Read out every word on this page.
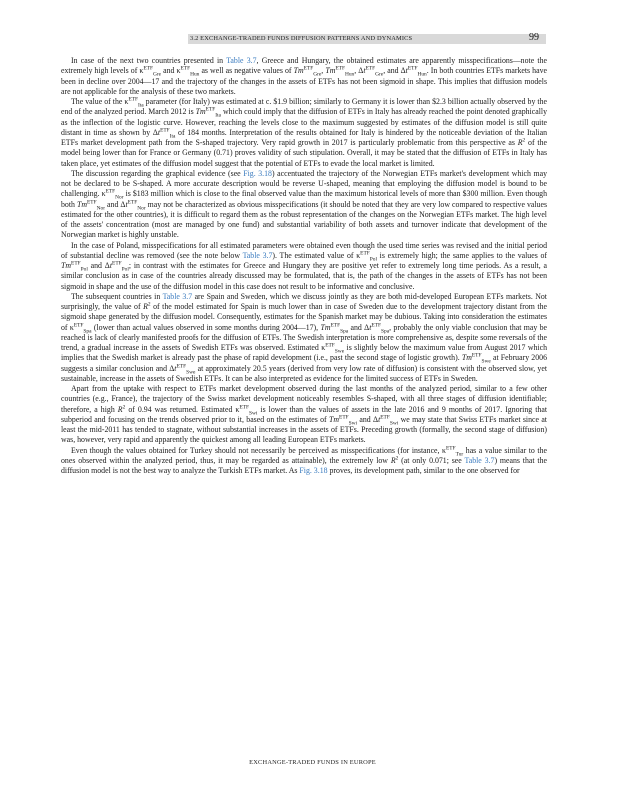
3.2 EXCHANGE-TRADED FUNDS DIFFUSION PATTERNS AND DYNAMICS	99

In case of the next two countries presented in Table 3.7, Greece and Hungary, the obtained estimates are apparently misspecifications—note the extremely high levels of $\kappa^{ETF}_{Gre}$ and $\kappa^{ETF}_{Hun}$ as well as negative values of $Tm^{ETF}_{Gre}$, $Tm^{ETF}_{Hun}$, $\Delta t^{ETF}_{Gre}$, and $\Delta t^{ETF}_{Hun}$. In both countries ETFs markets have been in decline over 2004—17 and the trajectory of the changes in the assets of ETFs has not been sigmoid in shape. This implies that diffusion models are not applicable for the analysis of these two markets.

The value of the $\kappa^{ETF}_{Ita}$ parameter (for Italy) was estimated at c. $1.9 billion; similarly to Germany it is lower than $2.3 billion actually observed by the end of the analyzed period. March 2012 is $Tm^{ETF}_{Ita}$ which could imply that the diffusion of ETFs in Italy has already reached the point denoted graphically as the inflection of the logistic curve. However, reaching the levels close to the maximum suggested by estimates of the diffusion model is still quite distant in time as shown by $\Delta t^{ETF}_{Ita}$ of 184 months. Interpretation of the results obtained for Italy is hindered by the noticeable deviation of the Italian ETFs market development path from the S-shaped trajectory. Very rapid growth in 2017 is particularly problematic from this perspective as $R^2$ of the model being lower than for France or Germany (0.71) proves validity of such stipulation. Overall, it may be stated that the diffusion of ETFs in Italy has taken place, yet estimates of the diffusion model suggest that the potential of ETFs to evade the local market is limited.

The discussion regarding the graphical evidence (see Fig. 3.18) accentuated the trajectory of the Norwegian ETFs market's development which may not be declared to be S-shaped. A more accurate description would be reverse U-shaped, meaning that employing the diffusion model is bound to be challenging. $\kappa^{ETF}_{Nor}$ is $183 million which is close to the final observed value than the maximum historical levels of more than $300 million. Even though both $Tm^{ETF}_{Nor}$ and $\Delta t^{ETF}_{Nor}$ may not be characterized as obvious misspecifications (it should be noted that they are very low compared to respective values estimated for the other countries), it is difficult to regard them as the robust representation of the changes on the Norwegian ETFs market. The high level of the assets' concentration (most are managed by one fund) and substantial variability of both assets and turnover indicate that development of the Norwegian market is highly unstable.

In the case of Poland, misspecifications for all estimated parameters were obtained even though the used time series was revised and the initial period of substantial decline was removed (see the note below Table 3.7). The estimated value of $\kappa^{ETF}_{Pol}$ is extremely high; the same applies to the values of $Tm^{ETF}_{Pol}$ and $\Delta t^{ETF}_{Pol}$; in contrast with the estimates for Greece and Hungary they are positive yet refer to extremely long time periods. As a result, a similar conclusion as in case of the countries already discussed may be formulated, that is, the path of the changes in the assets of ETFs has not been sigmoid in shape and the use of the diffusion model in this case does not result to be informative and conclusive.

The subsequent countries in Table 3.7 are Spain and Sweden, which we discuss jointly as they are both mid-developed European ETFs markets. Not surprisingly, the value of $R^2$ of the model estimated for Spain is much lower than in case of Sweden due to the development trajectory distant from the sigmoid shape generated by the diffusion model. Consequently, estimates for the Spanish market may be dubious. Taking into consideration the estimates of $\kappa^{ETF}_{Spa}$ (lower than actual values observed in some months during 2004—17), $Tm^{ETF}_{Spa}$ and $\Delta t^{ETF}_{Spa}$, probably the only viable conclusion that may be reached is lack of clearly manifested proofs for the diffusion of ETFs. The Swedish interpretation is more comprehensive as, despite some reversals of the trend, a gradual increase in the assets of Swedish ETFs was observed. Estimated $\kappa^{ETF}_{Swe}$ is slightly below the maximum value from August 2017 which implies that the Swedish market is already past the phase of rapid development (i.e., past the second stage of logistic growth). $Tm^{ETF}_{Swe}$ at February 2006 suggests a similar conclusion and $\Delta t^{ETF}_{Swe}$ at approximately 20.5 years (derived from very low rate of diffusion) is consistent with the observed slow, yet sustainable, increase in the assets of Swedish ETFs. It can be also interpreted as evidence for the limited success of ETFs in Sweden.

Apart from the uptake with respect to ETFs market development observed during the last months of the analyzed period, similar to a few other countries (e.g., France), the trajectory of the Swiss market development noticeably resembles S-shaped, with all three stages of diffusion identifiable; therefore, a high $R^2$ of 0.94 was returned. Estimated $\kappa^{ETF}_{Swi}$ is lower than the values of assets in the late 2016 and 9 months of 2017. Ignoring that subperiod and focusing on the trends observed prior to it, based on the estimates of $Tm^{ETF}_{Swi}$ and $\Delta t^{ETF}_{Swi}$ we may state that Swiss ETFs market since at least the mid-2011 has tended to stagnate, without substantial increases in the assets of ETFs. Preceding growth (formally, the second stage of diffusion) was, however, very rapid and apparently the quickest among all leading European ETFs markets.

Even though the values obtained for Turkey should not necessarily be perceived as misspecifications (for instance, $\kappa^{ETF}_{Tur}$ has a value similar to the ones observed within the analyzed period, thus, it may be regarded as attainable), the extremely low $R^2$ (at only 0.071; see Table 3.7) means that the diffusion model is not the best way to analyze the Turkish ETFs market. As Fig. 3.18 proves, its development path, similar to the one observed for

EXCHANGE-TRADED FUNDS IN EUROPE
